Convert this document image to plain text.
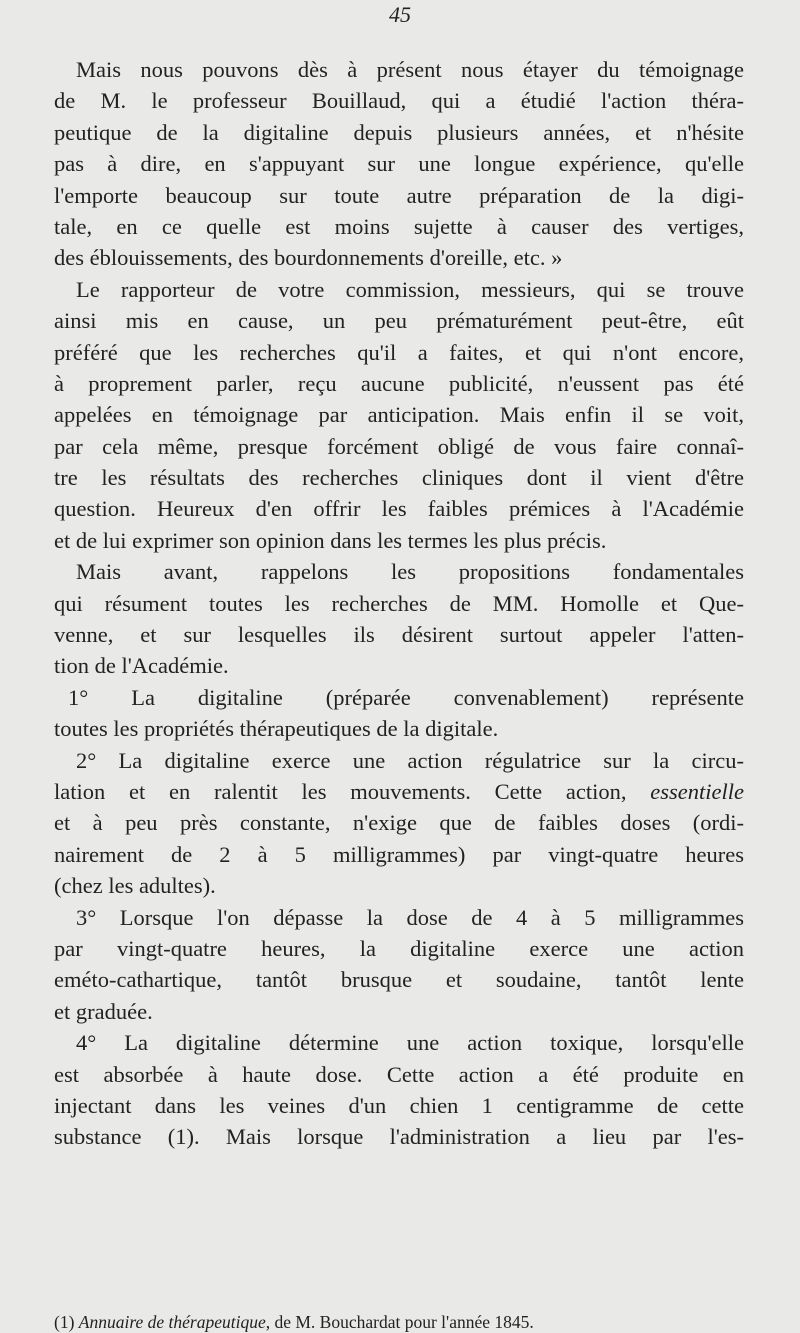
45
Mais nous pouvons dès à présent nous étayer du témoignage
de M. le professeur Bouillaud, qui a étudié l'action théra-
peutique de la digitaline depuis plusieurs années, et n'hésite
pas à dire, en s'appuyant sur une longue expérience, qu'elle
l'emporte beaucoup sur toute autre préparation de la digi-
tale, en ce quelle est moins sujette à causer des vertiges,
des éblouissements, des bourdonnements d'oreille, etc. »
Le rapporteur de votre commission, messieurs, qui se trouve
ainsi mis en cause, un peu prématurément peut-être, eût
préféré que les recherches qu'il a faites, et qui n'ont encore,
à proprement parler, reçu aucune publicité, n'eussent pas été
appelées en témoignage par anticipation. Mais enfin il se voit,
par cela même, presque forcément obligé de vous faire connaî-
tre les résultats des recherches cliniques dont il vient d'être
question. Heureux d'en offrir les faibles prémices à l'Académie
et de lui exprimer son opinion dans les termes les plus précis.
Mais avant, rappelons les propositions fondamentales
qui résument toutes les recherches de MM. Homolle et Que-
venne, et sur lesquelles ils désirent surtout appeler l'atten-
tion de l'Académie.
1° La digitaline (préparée convenablement) représente
toutes les propriétés thérapeutiques de la digitale.
2° La digitaline exerce une action régulatrice sur la circu-
lation et en ralentit les mouvements. Cette action, essentielle
et à peu près constante, n'exige que de faibles doses (ordi-
nairement de 2 à 5 milligrammes) par vingt-quatre heures
(chez les adultes).
3° Lorsque l'on dépasse la dose de 4 à 5 milligrammes
par vingt-quatre heures, la digitaline exerce une action
eméto-cathartique, tantôt brusque et soudaine, tantôt lente
et graduée.
4° La digitaline détermine une action toxique, lorsqu'elle
est absorbée à haute dose. Cette action a été produite en
injectant dans les veines d'un chien 1 centigramme de cette
substance (1). Mais lorsque l'administration a lieu par l'es-
(1) Annuaire de thérapeutique, de M. Bouchardat pour l'année 1845.
